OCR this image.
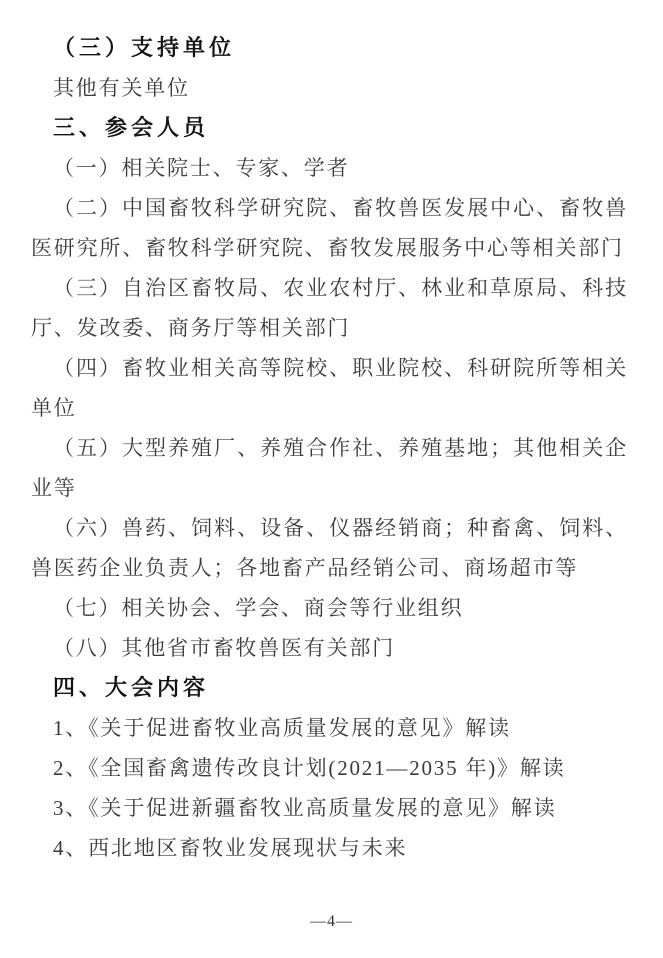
（三）支持单位

其他有关单位

三、参会人员

（一）相关院士、专家、学者

（二）中国畜牧科学研究院、畜牧兽医发展中心、畜牧兽医研究所、畜牧科学研究院、畜牧发展服务中心等相关部门

（三）自治区畜牧局、农业农村厅、林业和草原局、科技厅、发改委、商务厅等相关部门

（四）畜牧业相关高等院校、职业院校、科研院所等相关单位

（五）大型养殖厂、养殖合作社、养殖基地；其他相关企业等

（六）兽药、饲料、设备、仪器经销商；种畜禽、饲料、兽医药企业负责人；各地畜产品经销公司、商场超市等

（七）相关协会、学会、商会等行业组织

（八）其他省市畜牧兽医有关部门

四、大会内容

1、《关于促进畜牧业高质量发展的意见》解读

2、《全国畜禽遗传改良计划(2021—2035 年)》解读

3、《关于促进新疆畜牧业高质量发展的意见》解读

4、西北地区畜牧业发展现状与未来

—4—
